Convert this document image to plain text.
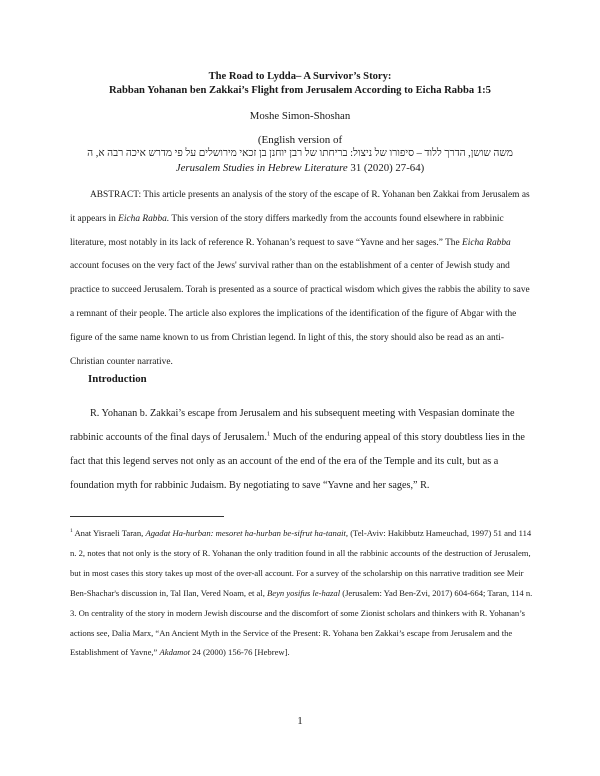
The Road to Lydda– A Survivor’s Story:
Rabban Yohanan ben Zakkai’s Flight from Jerusalem According to Eicha Rabba 1:5
Moshe Simon-Shoshan
(English version of
משה שושן, הדרך ללוד – סיפורו של ניצול: בריחתו של רבן יוחנן בן זכאי מירושלים על פי מדרש איכה רבה א, ה
Jerusalem Studies in Hebrew Literature 31 (2020) 27-64)

ABSTRACT: This article presents an analysis of the story of the escape of R. Yohanan ben Zakkai from Jerusalem as it appears in Eicha Rabba. This version of the story differs markedly from the accounts found elsewhere in rabbinic literature, most notably in its lack of reference R. Yohanan’s request to save “Yavne and her sages.” The Eicha Rabba account focuses on the very fact of the Jews' survival rather than on the establishment of a center of Jewish study and practice to succeed Jerusalem. Torah is presented as a source of practical wisdom which gives the rabbis the ability to save a remnant of their people. The article also explores the implications of the identification of the figure of Abgar with the figure of the same name known to us from Christian legend. In light of this, the story should also be read as an anti-Christian counter narrative.

Introduction

R. Yohanan b. Zakkai’s escape from Jerusalem and his subsequent meeting with Vespasian dominate the rabbinic accounts of the final days of Jerusalem.$^1$ Much of the enduring appeal of this story doubtless lies in the fact that this legend serves not only as an account of the end of the era of the Temple and its cult, but as a foundation myth for rabbinic Judaism. By negotiating to save “Yavne and her sages,” R.

$^1$ Anat Yisraeli Taran, Agadat Ha-hurban: mesoret ha-hurban be-sifrut ha-tanait, (Tel-Aviv: Hakibbutz Hameuchad, 1997) 51 and 114 n. 2, notes that not only is the story of R. Yohanan the only tradition found in all the rabbinic accounts of the destruction of Jerusalem, but in most cases this story takes up most of the over-all account. For a survey of the scholarship on this narrative tradition see Meir Ben-Shachar's discussion in, Tal Ilan, Vered Noam, et al, Beyn yosifus le-hazal (Jerusalem: Yad Ben-Zvi, 2017) 604-664; Taran, 114 n. 3. On centrality of the story in modern Jewish discourse and the discomfort of some Zionist scholars and thinkers with R. Yohanan’s actions see, Dalia Marx, “An Ancient Myth in the Service of the Present: R. Yohana ben Zakkai’s escape from Jerusalem and the Establishment of Yavne,” Akdamot 24 (2000) 156-76 [Hebrew].

1
